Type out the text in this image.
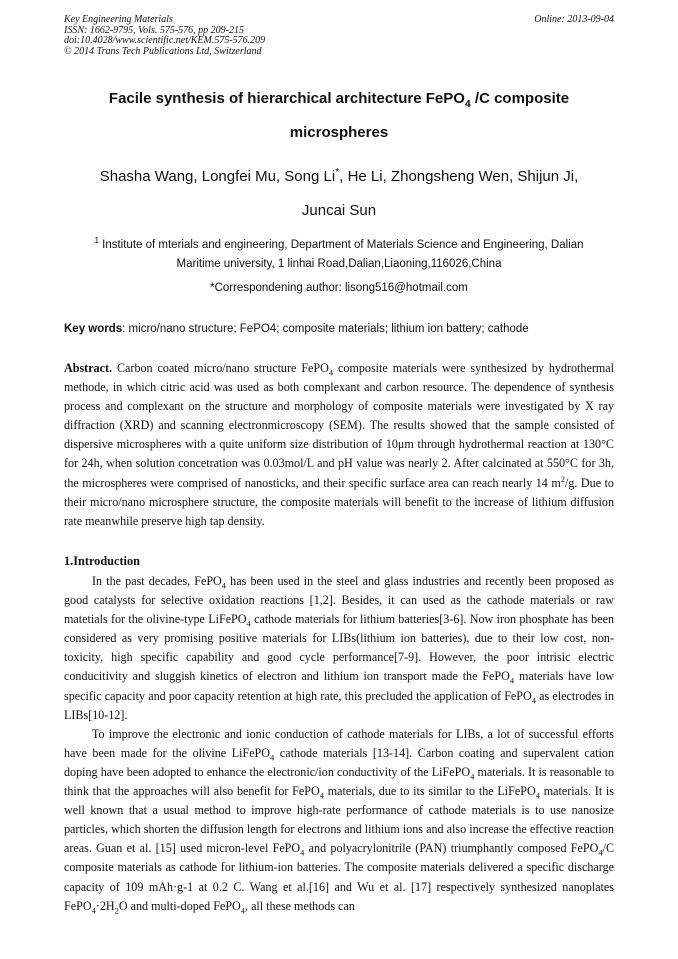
Key Engineering Materials
ISSN: 1662-9795, Vols. 575-576, pp 209-215
doi:10.4028/www.scientific.net/KEM.575-576.209
© 2014 Trans Tech Publications Ltd, Switzerland
Online: 2013-09-04
Facile synthesis of hierarchical architecture FePO$_4$ /C composite
microspheres
Shasha Wang, Longfei Mu, Song Li*, He Li, Zhongsheng Wen, Shijun Ji,
Juncai Sun
$^1$ Institute of mterials and engineering, Department of Materials Science and Engineering, Dalian
Maritime university, 1 linhai Road,Dalian,Liaoning,116026,China
*Correspondening author: lisong516@hotmail.com
Key words: micro/nano structure; FePO4; composite materials; lithium ion battery; cathode
Abstract. Carbon coated micro/nano structure FePO$_4$ composite materials were synthesized by hydrothermal methode, in which citric acid was used as both complexant and carbon resource. The dependence of synthesis process and complexant on the structure and morphology of composite materials were investigated by X ray diffraction (XRD) and scanning electronmicroscopy (SEM). The results showed that the sample consisted of dispersive microspheres with a quite uniform size distribution of 10μm through hydrothermal reaction at 130°C for 24h, when solution concetration was 0.03mol/L and pH value was nearly 2. After calcinated at 550°C for 3h, the microspheres were comprised of nanosticks, and their specific surface area can reach nearly 14 $m^2/g$. Due to their micro/nano microsphere structure, the composite materials will benefit to the increase of lithium diffusion rate meanwhile preserve high tap density.
1.Introduction

In the past decades, FePO$_4$ has been used in the steel and glass industries and recently been proposed as good catalysts for selective oxidation reactions [1,2]. Besides, it can used as the cathode materials or raw matetials for the olivine-type LiFePO$_4$ cathode materials for lithium batteries[3-6]. Now iron phosphate has been considered as very promising positive materials for LIBs(lithium ion batteries), due to their low cost, non-toxicity, high specific capability and good cycle performance[7-9]. However, the poor intrisic electric conducitivity and sluggish kinetics of electron and lithium ion transport made the FePO$_4$ materials have low specific capacity and poor capacity retention at high rate, this precluded the application of FePO$_4$ as electrodes in LIBs[10-12].

To improve the electronic and ionic conduction of cathode materials for LIBs, a lot of successful efforts have been made for the olivine LiFePO$_4$ cathode materials [13-14]. Carbon coating and supervalent cation doping have been adopted to enhance the electronic/ion conductivity of the LiFePO$_4$ materials. It is reasonable to think that the approaches will also benefit for FePO$_4$ materials, due to its similar to the LiFePO$_4$ materials. It is well known that a usual method to improve high-rate performance of cathode materials is to use nanosize particles, which shorten the diffusion length for electrons and lithium ions and also increase the effective reaction areas. Guan et al. [15] used micron-level FePO$_4$ and polyacrylonitrile (PAN) triumphantly composed FePO$_4$/C composite materials as cathode for lithium-ion batteries. The composite materials delivered a specific discharge capacity of 109 mAh·g-1 at 0.2 C. Wang et al.[16] and Wu et al. [17] respectively synthesized nanoplates $FePO_4\cdot 2H_2O$ and multi-doped FePO$_4$, all these methods can
